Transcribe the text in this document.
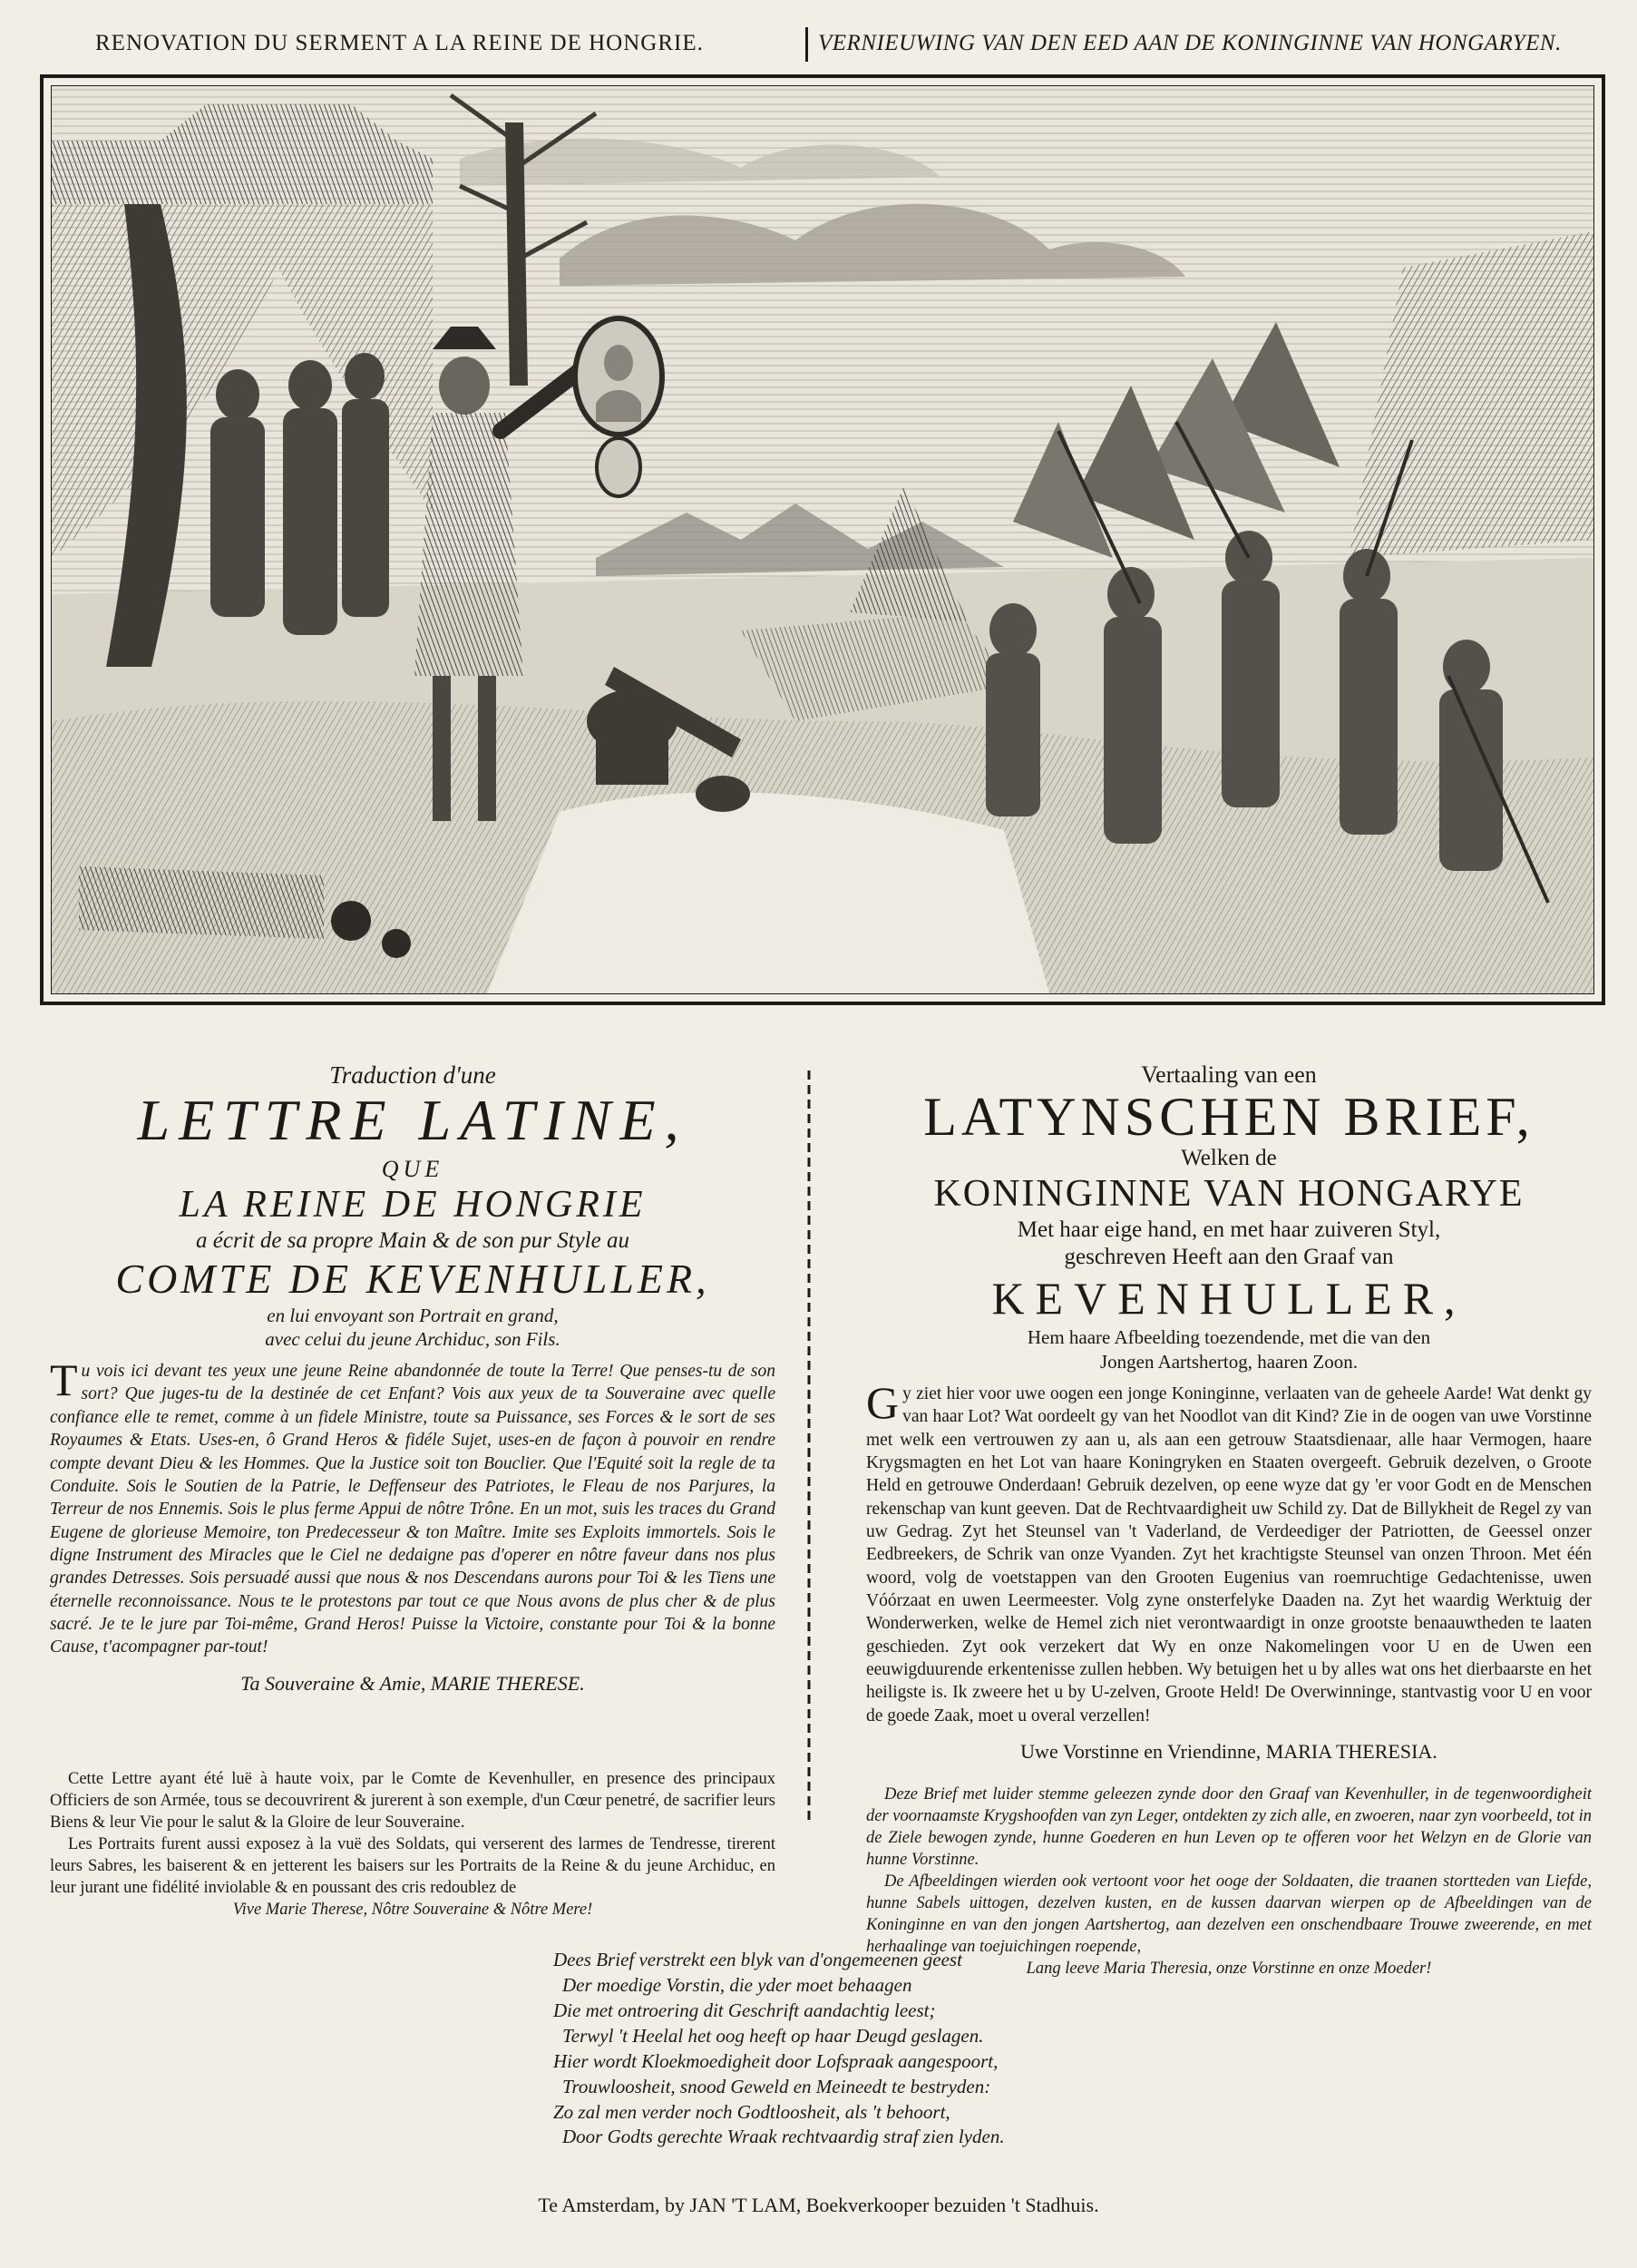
RENOVATION DU SERMENT A LA REINE DE HONGRIE.	VERNIEUWING VAN DEN EED AAN DE KONINGINNE VAN HONGARYEN.
Traduction d'une
LETTRE LATINE,
QUE
LA REINE DE HONGRIE
a écrit de sa propre Main & de son pur Style au
COMTE DE KEVENHULLER,
en lui envoyant son Portrait en grand, avec celui du jeune Archiduc, son Fils.
Tu vois ici devant tes yeux une jeune Reine abandonnée de toute la Terre! Que penses-tu de son sort? Que juges-tu de la destinée de cet Enfant? Vois aux yeux de ta Souveraine avec quelle confiance elle te remet, comme à un fidele Ministre, toute sa Puissance, ses Forces & le sort de ses Royaumes & Etats. Uses-en, ô Grand Heros & fidéle Sujet, uses-en de façon à pouvoir en rendre compte devant Dieu & les Hommes. Que la Justice soit ton Bouclier. Que l'Equité soit la regle de ta Conduite. Sois le Soutien de la Patrie, le Deffenseur des Patriotes, le Fleau de nos Parjures, la Terreur de nos Ennemis. Sois le plus ferme Appui de nôtre Trône. En un mot, suis les traces du Grand Eugene de glorieuse Memoire, ton Predecesseur & ton Maître. Imite ses Exploits immortels. Sois le digne Instrument des Miracles que le Ciel ne dedaigne pas d'operer en nôtre faveur dans nos plus grandes Detresses. Sois persuadé aussi que nous & nos Descendans aurons pour Toi & les Tiens une éternelle reconnoissance. Nous te le protestons par tout ce que Nous avons de plus cher & de plus sacré. Je te le jure par Toi-même, Grand Heros! Puisse la Victoire, constante pour Toi & la bonne Cause, t'acompagner par-tout!
Ta Souveraine & Amie, MARIE THERESE.
Cette Lettre ayant été luë à haute voix, par le Comte de Kevenhuller, en presence des principaux Officiers de son Armée, tous se decouvrirent & jurerent à son exemple, d'un Cœur penetré, de sacrifier leurs Biens & leur Vie pour le salut & la Gloire de leur Souveraine.
Les Portraits furent aussi exposez à la vuë des Soldats, qui verserent des larmes de Tendresse, tirerent leurs Sabres, les baiserent & en jetterent les baisers sur les Portraits de la Reine & du jeune Archiduc, en leur jurant une fidélité inviolable & en poussant des cris redoublez de
Vive Marie Therese, Nôtre Souveraine & Nôtre Mere!
Vertaaling van een
LATYNSCHEN BRIEF,
Welken de
KONINGINNE VAN HONGARYE
Met haar eige hand, en met haar zuiveren Styl, geschreven Heeft aan den Graaf van
KEVENHULLER,
Hem haare Afbeelding toezendende, met die van den Jongen Aartshertog, haaren Zoon.
Gy ziet hier voor uwe oogen een jonge Koninginne, verlaaten van de geheele Aarde! Wat denkt gy van haar Lot? Wat oordeelt gy van het Noodlot van dit Kind? Zie in de oogen van uwe Vorstinne met welk een vertrouwen zy aan u, als aan een getrouw Staatsdienaar, alle haar Vermogen, haare Krygsmagten en het Lot van haare Koningryken en Staaten overgeeft. Gebruik dezelven, o Groote Held en getrouwe Onderdaan! Gebruik dezelven, op eene wyze dat gy 'er voor Godt en de Menschen rekenschap van kunt geeven. Dat de Rechtvaardigheit uw Schild zy. Dat de Billykheit de Regel zy van uw Gedrag. Zyt het Steunsel van 't Vaderland, de Verdeediger der Patriotten, de Geessel onzer Eedbreekers, de Schrik van onze Vyanden. Zyt het krachtigste Steunsel van onzen Throon. Met één woord, volg de voetstappen van den Grooten Eugenius van roemruchtige Gedachtenisse, uwen Vóórzaat en uwen Leermeester. Volg zyne onsterfelyke Daaden na. Zyt het waardig Werktuig der Wonderwerken, welke de Hemel zich niet verontwaardigt in onze grootste benaauwtheden te laaten geschieden. Zyt ook verzekert dat Wy en onze Nakomelingen voor U en de Uwen een eeuwigduurende erkentenisse zullen hebben. Wy betuigen het u by alles wat ons het dierbaarste en het heiligste is. Ik zweere het u by U-zelven, Groote Held! De Overwinninge, stantvastig voor U en voor de goede Zaak, moet u overal verzellen!
Uwe Vorstinne en Vriendinne, MARIA THERESIA.
Deze Brief met luider stemme geleezen zynde door den Graaf van Kevenhuller, in de tegenwoordigheit der voornaamste Krygshoofden van zyn Leger, ontdekten zy zich alle, en zwoeren, naar zyn voorbeeld, tot in de Ziele bewogen zynde, hunne Goederen en hun Leven op te offeren voor het Welzyn en de Glorie van hunne Vorstinne.
De Afbeeldingen wierden ook vertoont voor het ooge der Soldaaten, die traanen stortteden van Liefde, hunne Sabels uittogen, dezelven kusten, en de kussen daarvan wierpen op de Afbeeldingen van de Koninginne en van den jongen Aartshertog, aan dezelven een onschendbaare Trouwe zweerende, en met herhaalinge van toejuichingen roepende,
Lang leeve Maria Theresia, onze Vorstinne en onze Moeder!
Dees Brief verstrekt een blyk van d'ongemeenen geest
Der moedige Vorstin, die yder moet behaagen
Die met ontroering dit Geschrift aandachtig leest;
Terwyl 't Heelal het oog heeft op haar Deugd geslagen.
Hier wordt Kloekmoedigheit door Lofspraak aangespoort,
Trouwloosheit, snood Geweld en Meineedt te bestryden:
Zo zal men verder noch Godtloosheit, als 't behoort,
Door Godts gerechte Wraak rechtvaardig straf zien lyden.
Te Amsterdam, by JAN 'T LAM, Boekverkooper bezuiden 't Stadhuis.
